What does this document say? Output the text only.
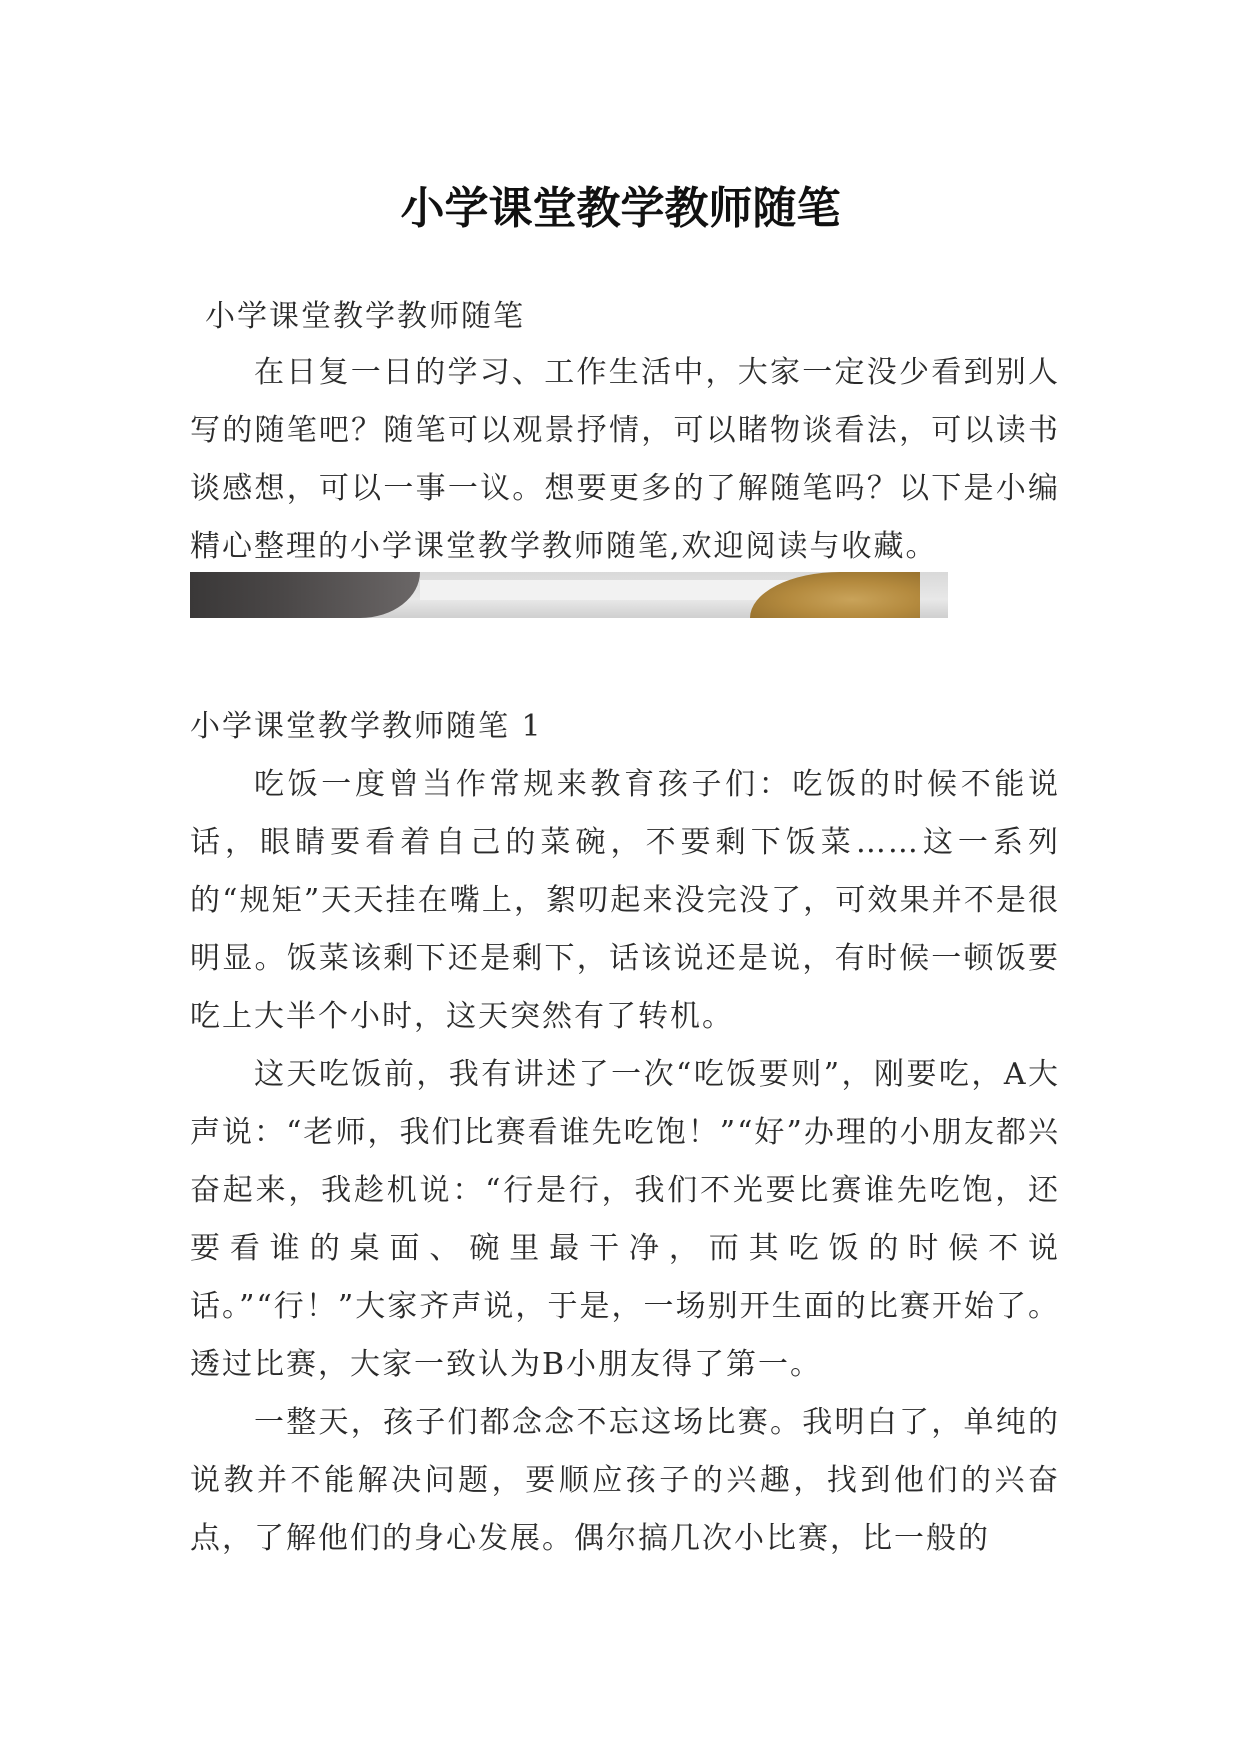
小学课堂教学教师随笔
小学课堂教学教师随笔

在日复一日的学习、工作生活中，大家一定没少看到别人写的随笔吧？随笔可以观景抒情，可以睹物谈看法，可以读书谈感想，可以一事一议。想要更多的了解随笔吗？以下是小编精心整理的小学课堂教学教师随笔,欢迎阅读与收藏。

小学课堂教学教师随笔 1

吃饭一度曾当作常规来教育孩子们：吃饭的时候不能说话，眼睛要看着自己的菜碗，不要剩下饭菜……这一系列的“规矩”天天挂在嘴上，絮叨起来没完没了，可效果并不是很明显。饭菜该剩下还是剩下，话该说还是说，有时候一顿饭要吃上大半个小时，这天突然有了转机。

这天吃饭前，我有讲述了一次“吃饭要则”，刚要吃，A大声说：“老师，我们比赛看谁先吃饱！”“好”办理的小朋友都兴奋起来，我趁机说：“行是行，我们不光要比赛谁先吃饱，还要看谁的桌面、碗里最干净，而其吃饭的时候不说话。”“行！”大家齐声说，于是，一场别开生面的比赛开始了。透过比赛，大家一致认为B小朋友得了第一。

一整天，孩子们都念念不忘这场比赛。我明白了，单纯的说教并不能解决问题，要顺应孩子的兴趣，找到他们的兴奋点，了解他们的身心发展。偶尔搞几次小比赛，比一般的
